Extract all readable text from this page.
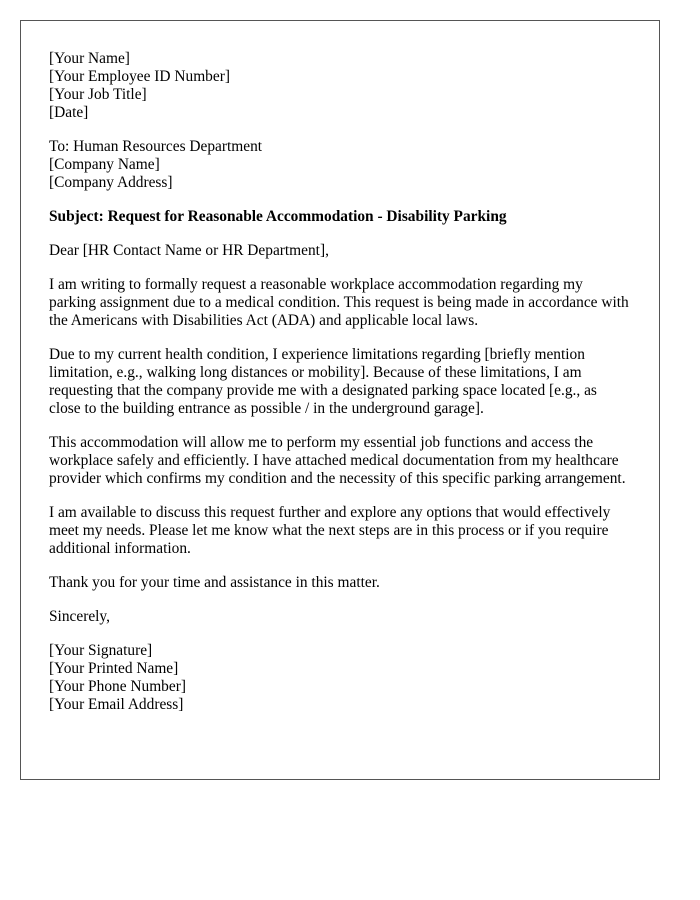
[Your Name]
[Your Employee ID Number]
[Your Job Title]
[Date]
To: Human Resources Department
[Company Name]
[Company Address]

Subject: Request for Reasonable Accommodation - Disability Parking

Dear [HR Contact Name or HR Department],

I am writing to formally request a reasonable workplace accommodation regarding my parking assignment due to a medical condition. This request is being made in accordance with the Americans with Disabilities Act (ADA) and applicable local laws.

Due to my current health condition, I experience limitations regarding [briefly mention limitation, e.g., walking long distances or mobility]. Because of these limitations, I am requesting that the company provide me with a designated parking space located [e.g., as close to the building entrance as possible / in the underground garage].

This accommodation will allow me to perform my essential job functions and access the workplace safely and efficiently. I have attached medical documentation from my healthcare provider which confirms my condition and the necessity of this specific parking arrangement.

I am available to discuss this request further and explore any options that would effectively meet my needs. Please let me know what the next steps are in this process or if you require additional information.

Thank you for your time and assistance in this matter.

Sincerely,

[Your Signature]
[Your Printed Name]
[Your Phone Number]
[Your Email Address]
